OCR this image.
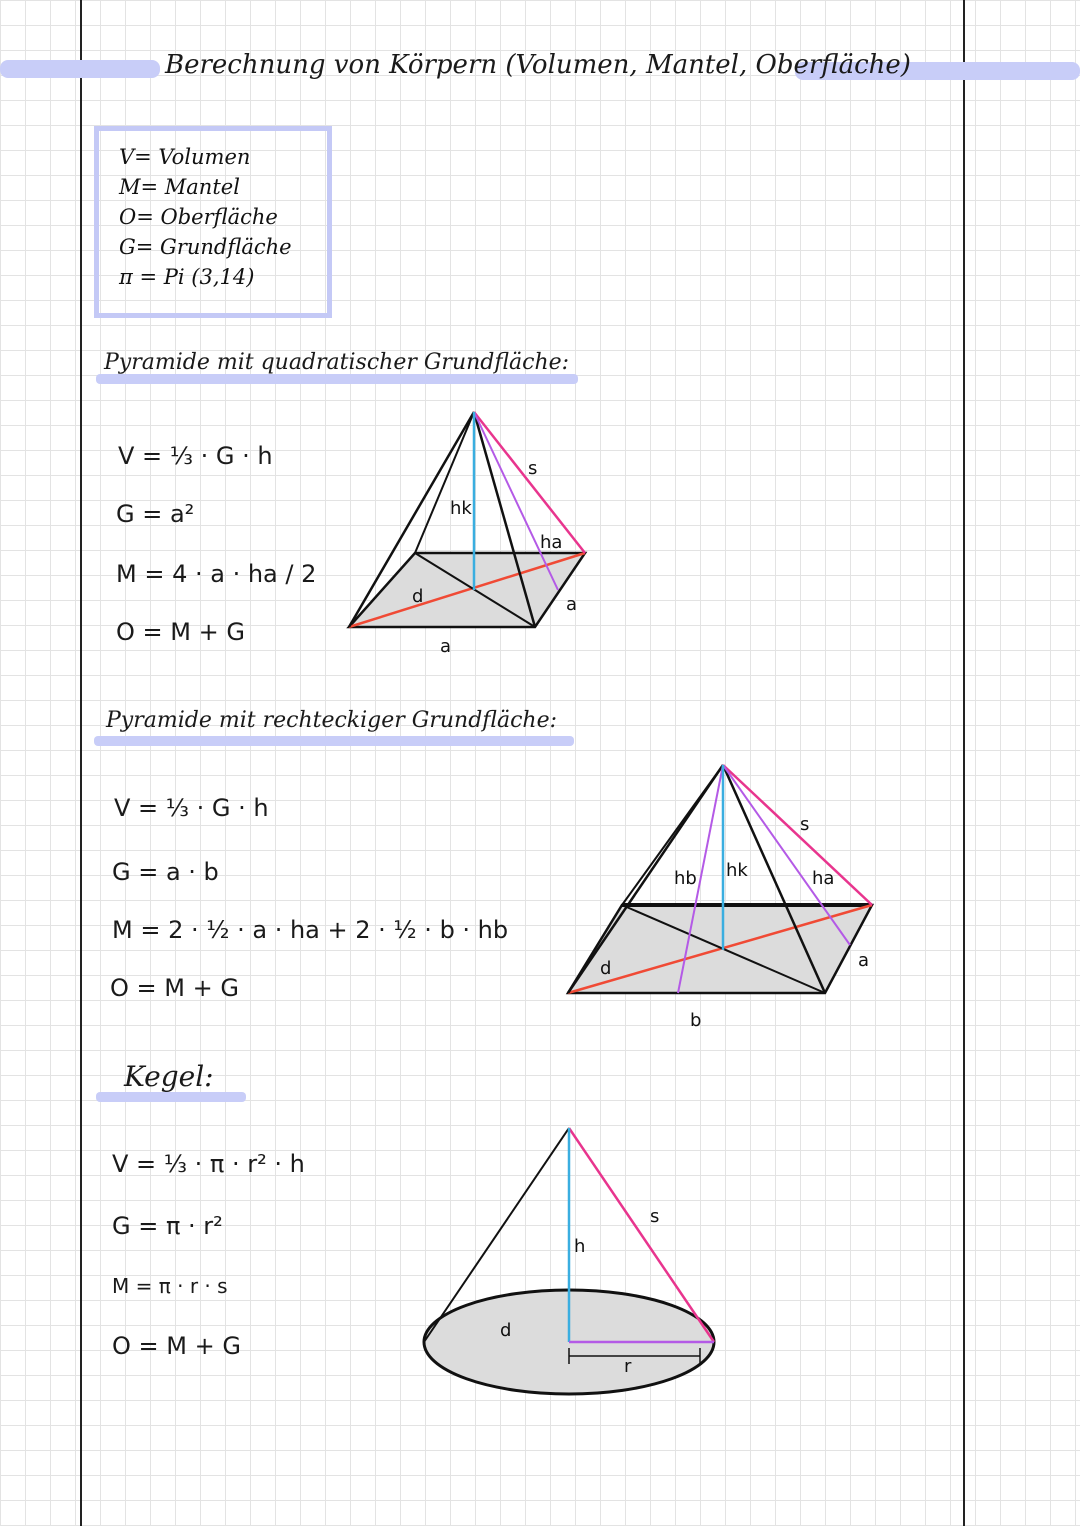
Berechnung von Körpern (Volumen, Mantel, Oberfläche)
V= Volumen
M= Mantel
O= Oberfläche
G= Grundfläche
π = Pi (3,14)
Pyramide mit quadratischer Grundfläche:
V = ⅓ · G · h
G = a²
M = 4 · a · ha / 2
O = M + G
Pyramide mit rechteckiger Grundfläche:
V = ⅓ · G · h
G = a · b
M = 2 · ½ · a · ha + 2 · ½ · b · hb
O = M + G
Kegel:
V = ⅓ · π · r² · h
G = π · r²
M = π · r · s
O = M + G
hk
s
ha
a
d
a
hb hk
s
ha
a
d
b
s
h
d
r
